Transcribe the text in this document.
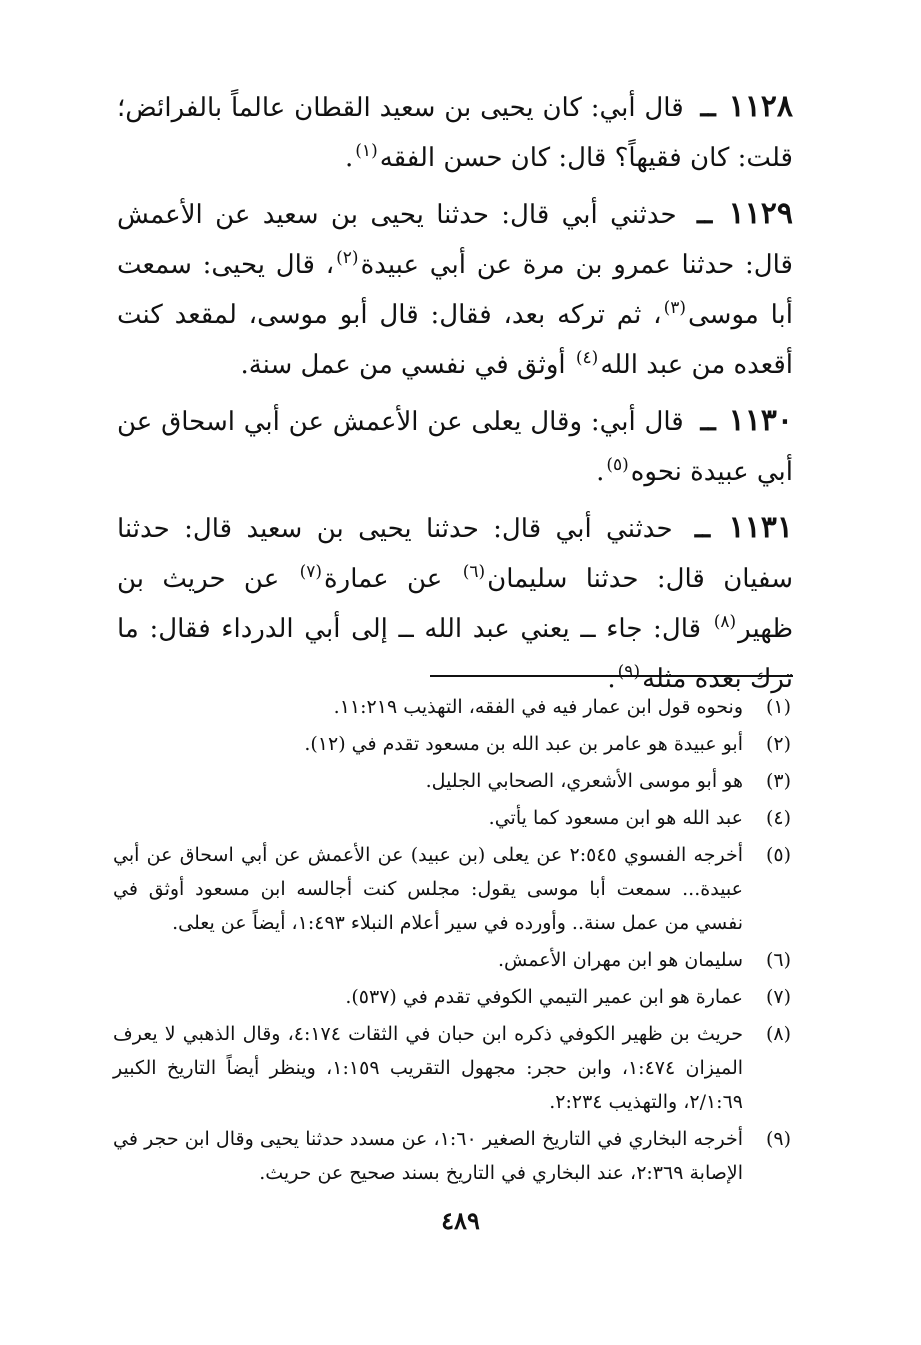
١١٢٨ ــ قال أبي: كان يحيى بن سعيد القطان عالماً بالفرائض؛ قلت: كان فقيهاً؟ قال: كان حسن الفقه$^{(١)}$.

١١٢٩ ــ حدثني أبي قال: حدثنا يحيى بن سعيد عن الأعمش قال: حدثنا عمرو بن مرة عن أبي عبيدة$^{(٢)}$، قال يحيى: سمعت أبا موسى$^{(٣)}$، ثم تركه بعد، فقال: قال أبو موسى، لمقعد كنت أقعده من عبد الله$^{(٤)}$ أوثق في نفسي من عمل سنة.

١١٣٠ ــ قال أبي: وقال يعلى عن الأعمش عن أبي اسحاق عن أبي عبيدة نحوه$^{(٥)}$.

١١٣١ ــ حدثني أبي قال: حدثنا يحيى بن سعيد قال: حدثنا سفيان قال: حدثنا سليمان$^{(٦)}$ عن عمارة$^{(٧)}$ عن حريث بن ظهير$^{(٨)}$ قال: جاء ــ يعني عبد الله ــ إلى أبي الدرداء فقال: ما ترك بعده مثله$^{(٩)}$.

(١)
ونحوه قول ابن عمار فيه في الفقه، التهذيب ١١:٢١٩.
(٢)
أبو عبيدة هو عامر بن عبد الله بن مسعود تقدم في (١٢).
(٣)
هو أبو موسى الأشعري، الصحابي الجليل.
(٤)
عبد الله هو ابن مسعود كما يأتي.
(٥)
أخرجه الفسوي ٢:٥٤٥ عن يعلى (بن عبيد) عن الأعمش عن أبي اسحاق عن أبي عبيدة... سمعت أبا موسى يقول: مجلس كنت أجالسه ابن مسعود أوثق في نفسي من عمل سنة.. وأورده في سير أعلام النبلاء ١:٤٩٣، أيضاً عن يعلى.
(٦)
سليمان هو ابن مهران الأعمش.
(٧)
عمارة هو ابن عمير التيمي الكوفي تقدم في (٥٣٧).
(٨)
حريث بن ظهير الكوفي ذكره ابن حبان في الثقات ٤:١٧٤، وقال الذهبي لا يعرف الميزان ١:٤٧٤، وابن حجر: مجهول التقريب ١:١٥٩، وينظر أيضاً التاريخ الكبير ٢/١:٦٩، والتهذيب ٢:٢٣٤.
(٩)
أخرجه البخاري في التاريخ الصغير ١:٦٠، عن مسدد حدثنا يحيى وقال ابن حجر في الإصابة ٢:٣٦٩، عند البخاري في التاريخ بسند صحيح عن حريث.
٤٨٩
